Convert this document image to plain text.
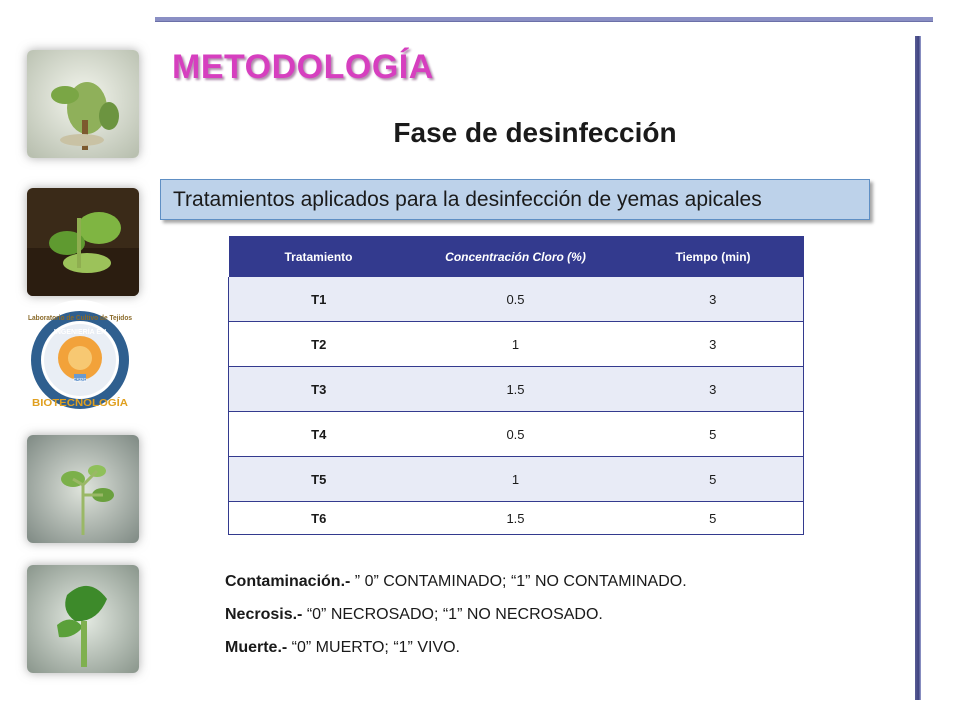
ESPE
Laboratorio de Cultivo de Tejidos
INGENIERÍA EN
BIOTECNOLOGÍA
METODOLOGÍA
Fase de desinfección
Tratamientos aplicados para la desinfección de yemas apicales
Tratamiento	Concentración Cloro (%)	Tiempo (min)
T1	0.5	3
T2	1	3
T3	1.5	3
T4	0.5	5
T5	1	5
T6	1.5	5
Contaminación.- ” 0” CONTAMINADO; “1” NO CONTAMINADO.
Necrosis.- “0” NECROSADO; “1” NO NECROSADO.
Muerte.- “0” MUERTO; “1” VIVO.
